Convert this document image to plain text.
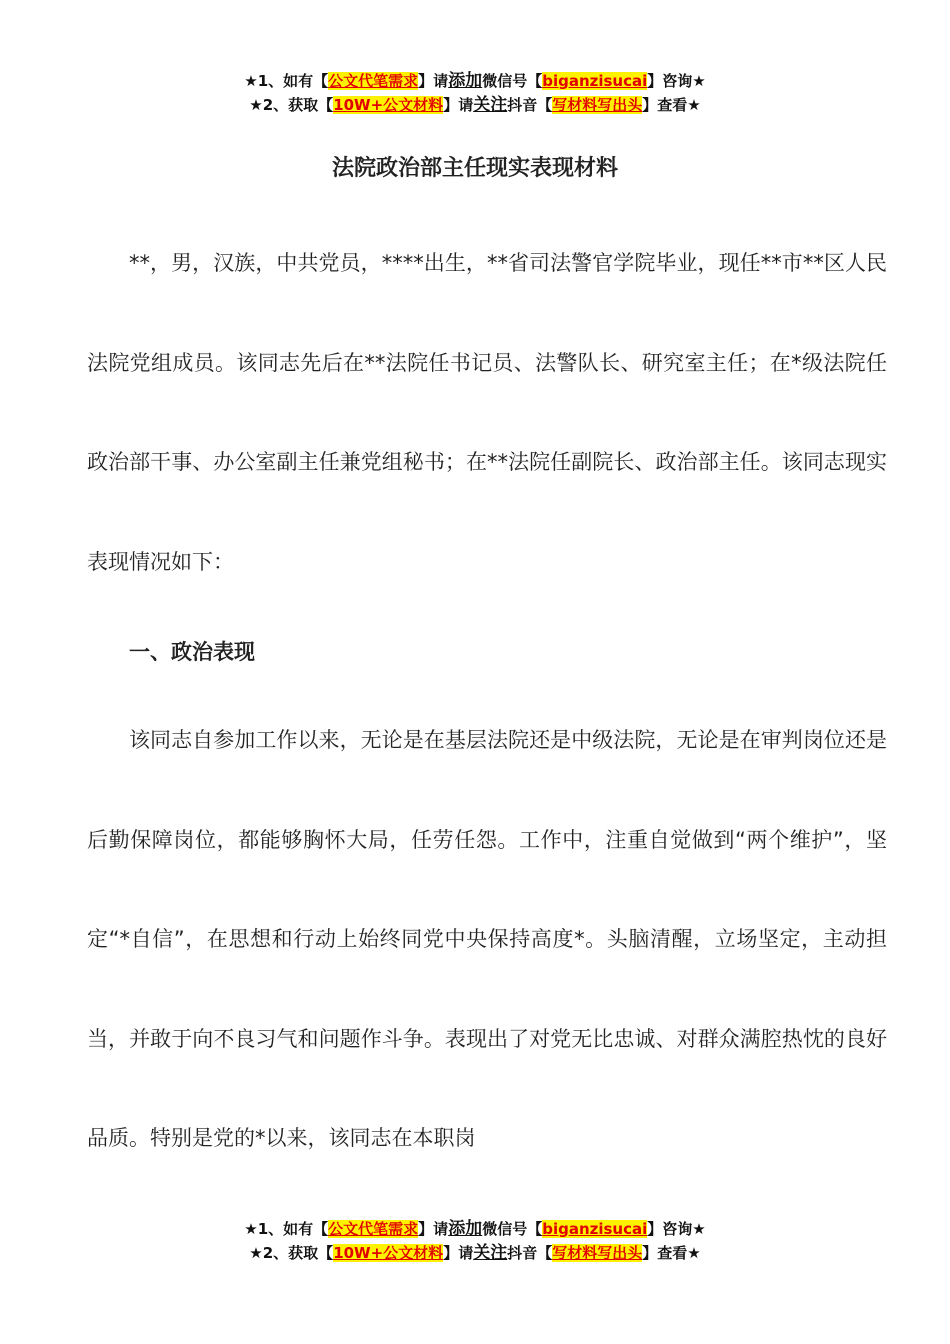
★1、如有【公文代笔需求】请添加微信号【biganzisucai】咨询★
★2、获取【10W+公文材料】请关注抖音【写材料写出头】查看★
法院政治部主任现实表现材料

**，男，汉族，中共党员，****出生，**省司法警官学院毕业，现任**市**区人民法院党组成员。该同志先后在**法院任书记员、法警队长、研究室主任；在*级法院任政治部干事、办公室副主任兼党组秘书；在**法院任副院长、政治部主任。该同志现实表现情况如下：

一、政治表现

该同志自参加工作以来，无论是在基层法院还是中级法院，无论是在审判岗位还是后勤保障岗位，都能够胸怀大局，任劳任怨。工作中，注重自觉做到“两个维护”，坚定“*自信”，在思想和行动上始终同党中央保持高度*。头脑清醒，立场坚定，主动担当，并敢于向不良习气和问题作斗争。表现出了对党无比忠诚、对群众满腔热忱的良好品质。特别是党的*以来，该同志在本职岗

★1、如有【公文代笔需求】请添加微信号【biganzisucai】咨询★
★2、获取【10W+公文材料】请关注抖音【写材料写出头】查看★
